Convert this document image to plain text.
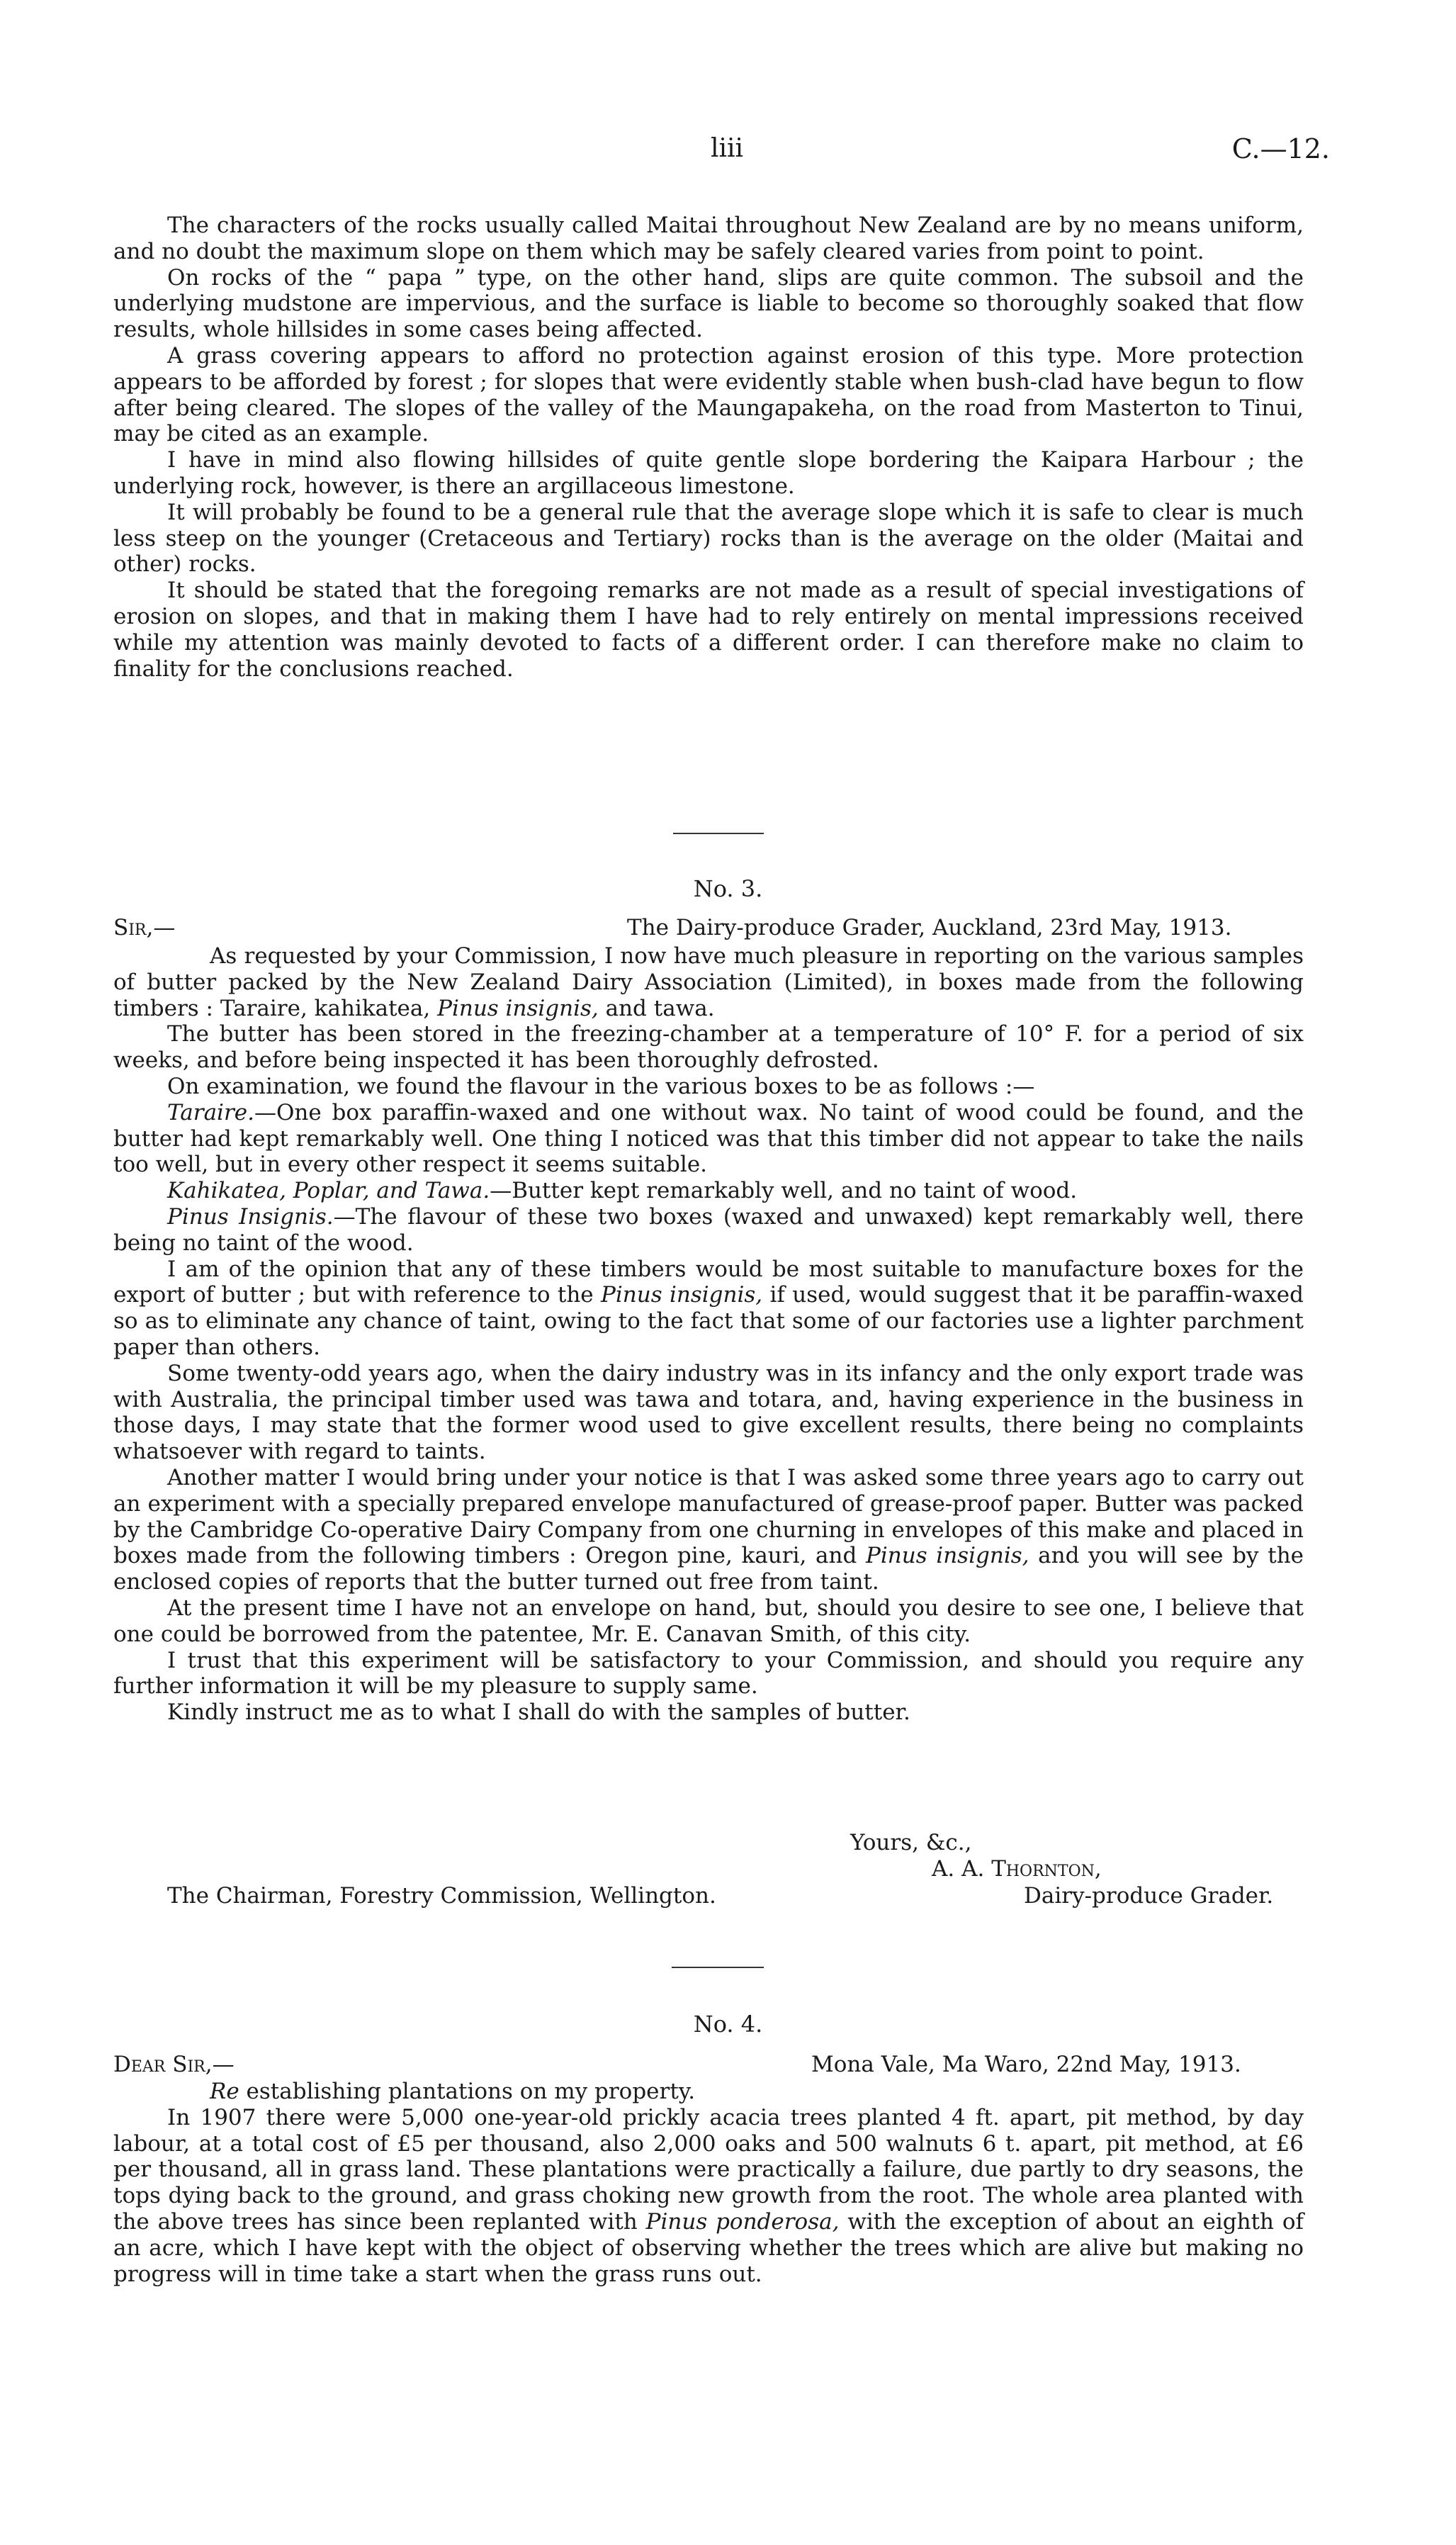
liii	C.—12.

The characters of the rocks usually called Maitai throughout New Zealand are by no means uniform, and no doubt the maximum slope on them which may be safely cleared varies from point to point.

On rocks of the “ papa ” type, on the other hand, slips are quite common. The subsoil and the underlying mudstone are impervious, and the surface is liable to become so thoroughly soaked that flow results, whole hillsides in some cases being affected.

A grass covering appears to afford no protection against erosion of this type. More protection appears to be afforded by forest ; for slopes that were evidently stable when bush-clad have begun to flow after being cleared. The slopes of the valley of the Maungapakeha, on the road from Masterton to Tinui, may be cited as an example.

I have in mind also flowing hillsides of quite gentle slope bordering the Kaipara Harbour ; the underlying rock, however, is there an argillaceous limestone.

It will probably be found to be a general rule that the average slope which it is safe to clear is much less steep on the younger (Cretaceous and Tertiary) rocks than is the average on the older (Maitai and other) rocks.

It should be stated that the foregoing remarks are not made as a result of special investigations of erosion on slopes, and that in making them I have had to rely entirely on mental impressions received while my attention was mainly devoted to facts of a different order. I can therefore make no claim to finality for the conclusions reached.

No. 3.
Sir,—	The Dairy-produce Grader, Auckland, 23rd May, 1913.

As requested by your Commission, I now have much pleasure in reporting on the various samples of butter packed by the New Zealand Dairy Association (Limited), in boxes made from the following timbers : Taraire, kahikatea, Pinus insignis, and tawa.

The butter has been stored in the freezing-chamber at a temperature of 10° F. for a period of six weeks, and before being inspected it has been thoroughly defrosted.

On examination, we found the flavour in the various boxes to be as follows :—

Taraire.—One box paraffin-waxed and one without wax. No taint of wood could be found, and the butter had kept remarkably well. One thing I noticed was that this timber did not appear to take the nails too well, but in every other respect it seems suitable.

Kahikatea, Poplar, and Tawa.—Butter kept remarkably well, and no taint of wood.

Pinus Insignis.—The flavour of these two boxes (waxed and unwaxed) kept remarkably well, there being no taint of the wood.

I am of the opinion that any of these timbers would be most suitable to manufacture boxes for the export of butter ; but with reference to the Pinus insignis, if used, would suggest that it be paraffin-waxed so as to eliminate any chance of taint, owing to the fact that some of our factories use a lighter parchment paper than others.

Some twenty-odd years ago, when the dairy industry was in its infancy and the only export trade was with Australia, the principal timber used was tawa and totara, and, having experience in the business in those days, I may state that the former wood used to give excellent results, there being no complaints whatsoever with regard to taints.

Another matter I would bring under your notice is that I was asked some three years ago to carry out an experiment with a specially prepared envelope manufactured of grease-proof paper. Butter was packed by the Cambridge Co-operative Dairy Company from one churning in envelopes of this make and placed in boxes made from the following timbers : Oregon pine, kauri, and Pinus insignis, and you will see by the enclosed copies of reports that the butter turned out free from taint.

At the present time I have not an envelope on hand, but, should you desire to see one, I believe that one could be borrowed from the patentee, Mr. E. Canavan Smith, of this city.

I trust that this experiment will be satisfactory to your Commission, and should you require any further information it will be my pleasure to supply same.

Kindly instruct me as to what I shall do with the samples of butter.

Yours, &c.,
A. A. Thornton,
The Chairman, Forestry Commission, Wellington.	Dairy-produce Grader.
No. 4.
Dear Sir,—	Mona Vale, Ma Waro, 22nd May, 1913.

Re establishing plantations on my property.

In 1907 there were 5,000 one-year-old prickly acacia trees planted 4 ft. apart, pit method, by day labour, at a total cost of £5 per thousand, also 2,000 oaks and 500 walnuts 6 t. apart, pit method, at £6 per thousand, all in grass land. These plantations were practically a failure, due partly to dry seasons, the tops dying back to the ground, and grass choking new growth from the root. The whole area planted with the above trees has since been replanted with Pinus ponderosa, with the exception of about an eighth of an acre, which I have kept with the object of observing whether the trees which are alive but making no progress will in time take a start when the grass runs out.
